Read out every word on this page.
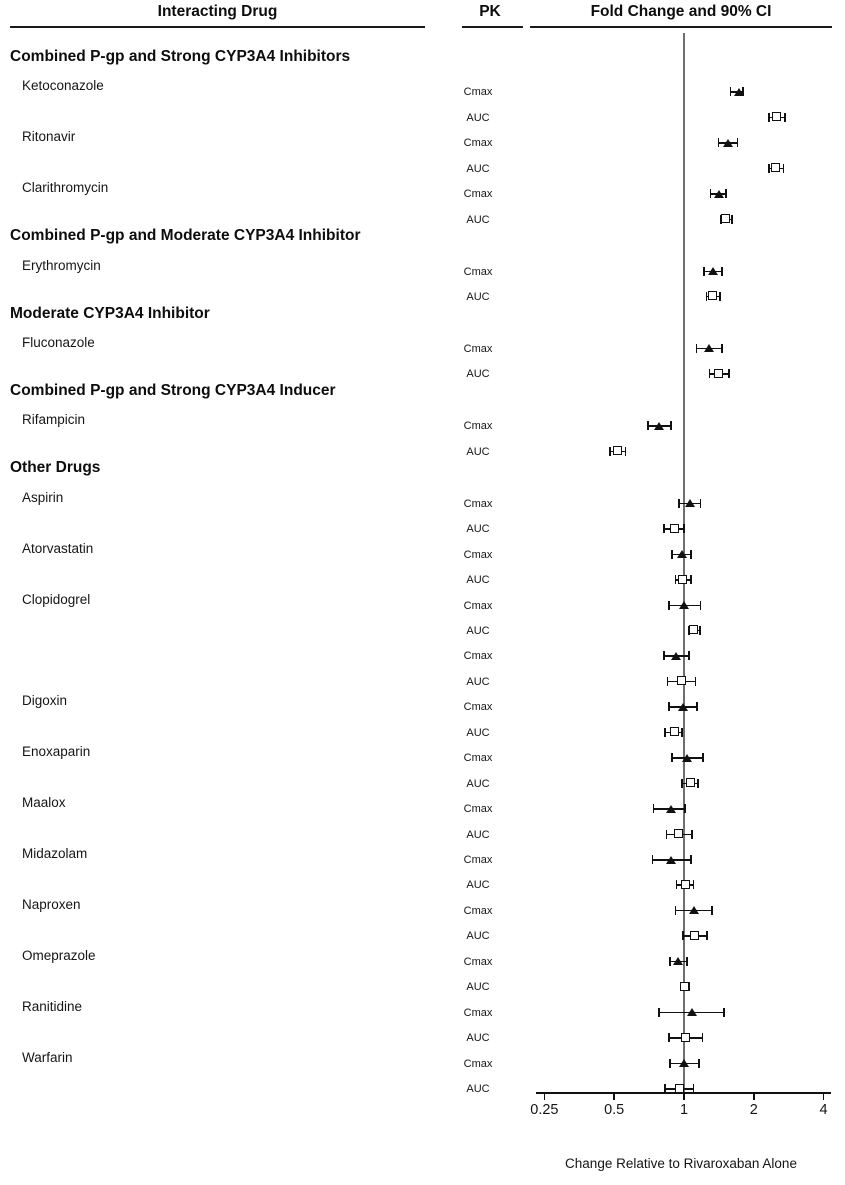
Interacting Drug	PK	Fold Change and 90% CI
Combined P-gp and Strong CYP3A4 Inhibitors
Ketoconazole	Cmax
AUC
Ritonavir	Cmax
AUC
Clarithromycin	Cmax
AUC
Combined P-gp and Moderate CYP3A4 Inhibitor
Erythromycin	Cmax
AUC
Moderate CYP3A4 Inhibitor
Fluconazole	Cmax
AUC
Combined P-gp and Strong CYP3A4 Inducer
Rifampicin	Cmax
AUC
Other Drugs
Aspirin	Cmax
AUC
Atorvastatin	Cmax
AUC
Clopidogrel	Cmax
AUC
Cmax
AUC
Digoxin	Cmax
AUC
Enoxaparin	Cmax
AUC
Maalox	Cmax
AUC
Midazolam	Cmax
AUC
Naproxen	Cmax
AUC
Omeprazole	Cmax
AUC
Ranitidine	Cmax
AUC
Warfarin	Cmax
AUC
0.25	0.5	1	2	4
Change Relative to Rivaroxaban Alone
